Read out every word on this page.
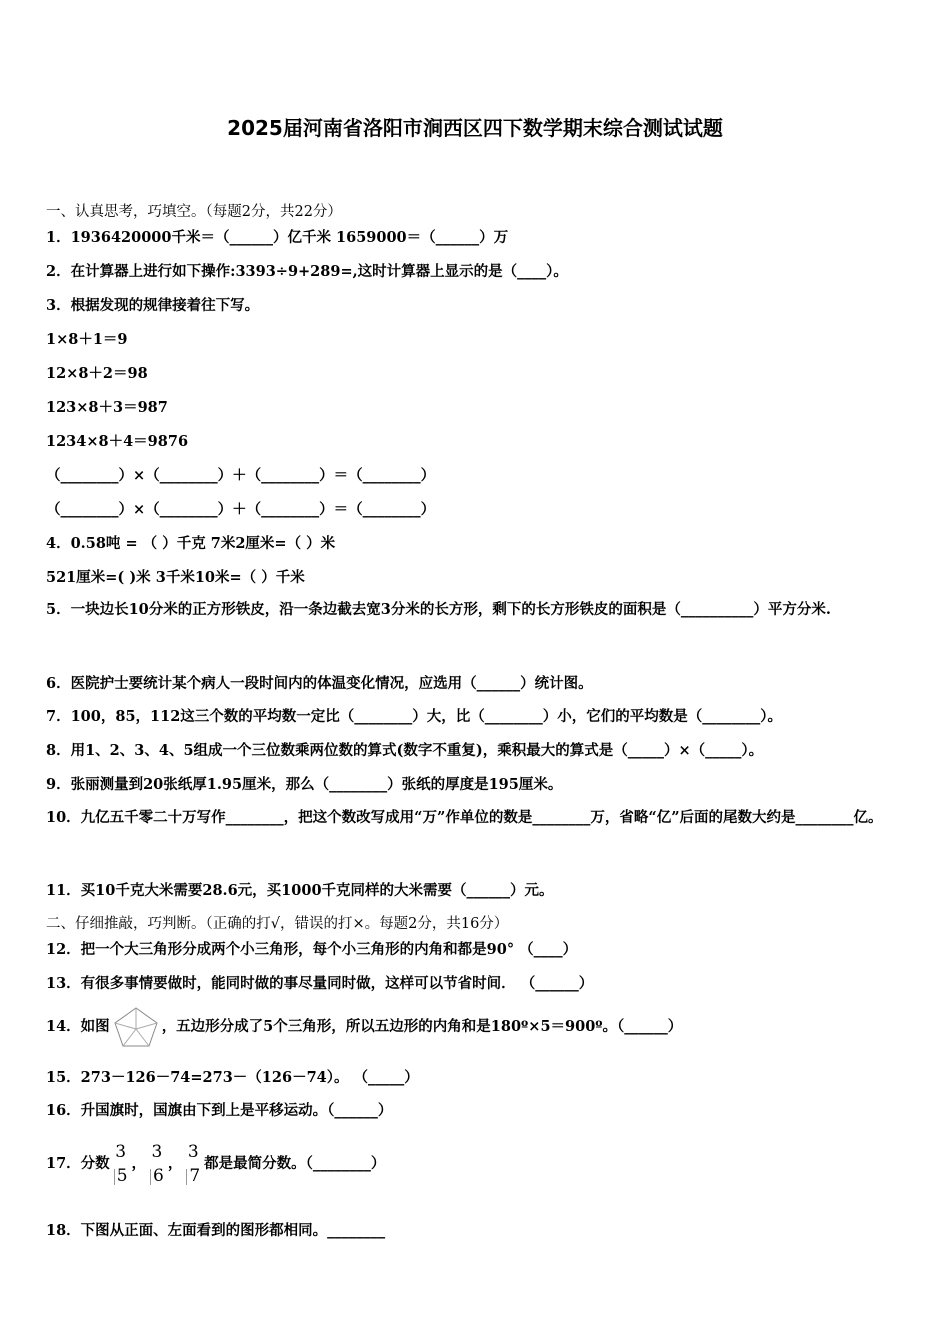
2025届河南省洛阳市涧西区四下数学期末综合测试试题
一、认真思考，巧填空。（每题2分，共22分）
1．1936420000千米＝（______）亿千米 1659000＝（______）万
2．在计算器上进行如下操作:3393÷9+289=,这时计算器上显示的是（____）。
3．根据发现的规律接着往下写。
1×8＋1＝9
12×8＋2＝98
123×8＋3＝987
1234×8＋4＝9876
（________）×（________）＋（________）＝（________）
（________）×（________）＋（________）＝（________）
4．0.58吨 = （ ）千克 7米2厘米=（ ）米
521厘米=( )米 3千米10米=（ ）千米
5．一块边长10分米的正方形铁皮，沿一条边截去宽3分米的长方形，剩下的长方形铁皮的面积是（__________）平方分米.
6．医院护士要统计某个病人一段时间内的体温变化情况，应选用（______）统计图。
7．100，85，112这三个数的平均数一定比（________）大，比（________）小，它们的平均数是（________）。
8．用1、2、3、4、5组成一个三位数乘两位数的算式(数字不重复)，乘积最大的算式是（_____）×（_____）。
9．张丽测量到20张纸厚1.95厘米，那么（________）张纸的厚度是195厘米。
10．九亿五千零二十万写作________，把这个数改写成用“万”作单位的数是________万，省略“亿”后面的尾数大约是________亿。
11．买10千克大米需要28.6元，买1000千克同样的大米需要（______）元。
二、仔细推敲，巧判断。（正确的打√，错误的打×。每题2分，共16分）
12．把一个大三角形分成两个小三角形，每个小三角形的内角和都是90° （____）
13．有很多事情要做时，能同时做的事尽量同时做，这样可以节省时间． （______）
14．如图	，五边形分成了5个三角形，所以五边形的内角和是180º×5＝900º。（______）
15．273－126－74=273－（126－74）。 （_____）
16．升国旗时，国旗由下到上是平移运动。（______）
17．分数
3
5
，
3
6
，
3
7
都是最简分数。（________）
18．下图从正面、左面看到的图形都相同。________
